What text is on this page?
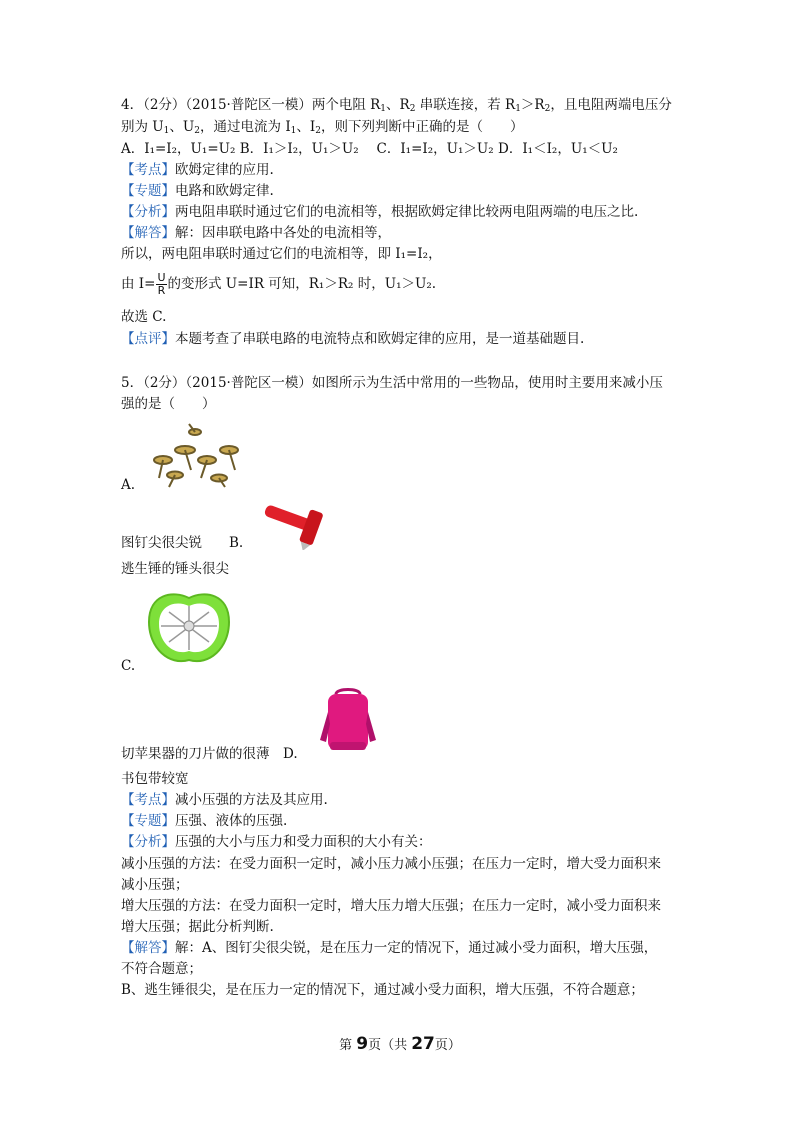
4．（2分）（2015·普陀区一模）两个电阻 $R_1$、$R_2$ 串联连接，若 $R_1>R_2$，且电阻两端电压分
别为 $U_1$、$U_2$，通过电流为 $I_1$、$I_2$，则下列判断中正确的是（　　）
A．I₁=I₂，U₁=U₂ B．I₁＞I₂，U₁＞U₂　 C．I₁=I₂，U₁＞U₂ D．I₁＜I₂，U₁＜U₂
【考点】欧姆定律的应用.
【专题】电路和欧姆定律.
【分析】两电阻串联时通过它们的电流相等，根据欧姆定律比较两电阻两端的电压之比.
【解答】解：因串联电路中各处的电流相等，
所以，两电阻串联时通过它们的电流相等，即 I₁=I₂，
由 $I= \frac{U}{R}$ 的变形式 U=IR 可知，R₁＞R₂ 时，U₁＞U₂.
故选 C.
【点评】本题考查了串联电路的电流特点和欧姆定律的应用，是一道基础题目.
5．（2分）（2015·普陀区一模）如图所示为生活中常用的一些物品，使用时主要用来减小压
强的是（　　）
A.
图钉尖很尖锐　　 B.
逃生锤的锤头很尖
C.
切苹果器的刀片做的很薄　 D.
书包带较宽
【考点】减小压强的方法及其应用.
【专题】压强、液体的压强.
【分析】压强的大小与压力和受力面积的大小有关：
减小压强的方法：在受力面积一定时，减小压力减小压强；在压力一定时，增大受力面积来
减小压强；
增大压强的方法：在受力面积一定时，增大压力增大压强；在压力一定时，减小受力面积来
增大压强；据此分析判断.
【解答】解：A、图钉尖很尖锐，是在压力一定的情况下，通过减小受力面积，增大压强，
不符合题意；
B、逃生锤很尖，是在压力一定的情况下，通过减小受力面积，增大压强，不符合题意；
第 9页（共 27页）
